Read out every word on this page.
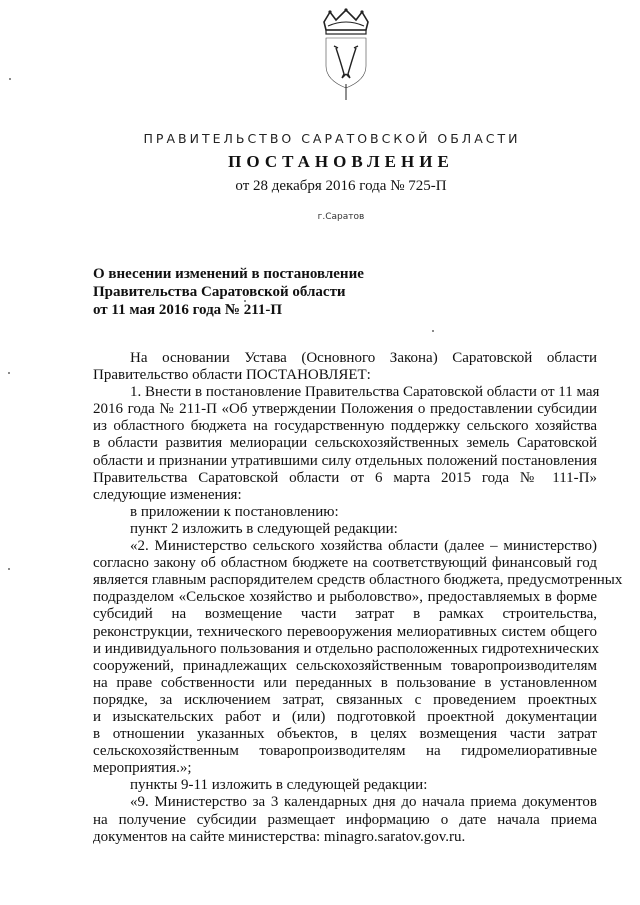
ПРАВИТЕЛЬСТВО САРАТОВСКОЙ ОБЛАСТИ
ПОСТАНОВЛЕНИЕ
от 28 декабря 2016 года № 725-П
г.Саратов
О внесении изменений в постановление
Правительства Саратовской области
от 11 мая 2016 года № 211-П

На основании Устава (Основного Закона) Саратовской области

Правительство области ПОСТАНОВЛЯЕТ:

1. Внести в постановление Правительства Саратовской области от 11 мая

2016 года № 211-П «Об утверждении Положения о предоставлении субсидии

из областного бюджета на государственную поддержку сельского хозяйства

в области развития мелиорации сельскохозяйственных земель Саратовской

области и признании утратившими силу отдельных положений постановления

Правительства Саратовской области от 6 марта 2015 года № 111-П»

следующие изменения:

в приложении к постановлению:

пункт 2 изложить в следующей редакции:

«2. Министерство сельского хозяйства области (далее – министерство)

согласно закону об областном бюджете на соответствующий финансовый год

является главным распорядителем средств областного бюджета, предусмотренных

подразделом «Сельское хозяйство и рыболовство», предоставляемых в форме

субсидий на возмещение части затрат в рамках строительства,

реконструкции, технического перевооружения мелиоративных систем общего

и индивидуального пользования и отдельно расположенных гидротехнических

сооружений, принадлежащих сельскохозяйственным товаропроизводителям

на праве собственности или переданных в пользование в установленном

порядке, за исключением затрат, связанных с проведением проектных

и изыскательских работ и (или) подготовкой проектной документации

в отношении указанных объектов, в целях возмещения части затрат

сельскохозяйственным товаропроизводителям на гидромелиоративные

мероприятия.»;

пункты 9-11 изложить в следующей редакции:

«9. Министерство за 3 календарных дня до начала приема документов

на получение субсидии размещает информацию о дате начала приема

документов на сайте министерства: minagro.saratov.gov.ru.
